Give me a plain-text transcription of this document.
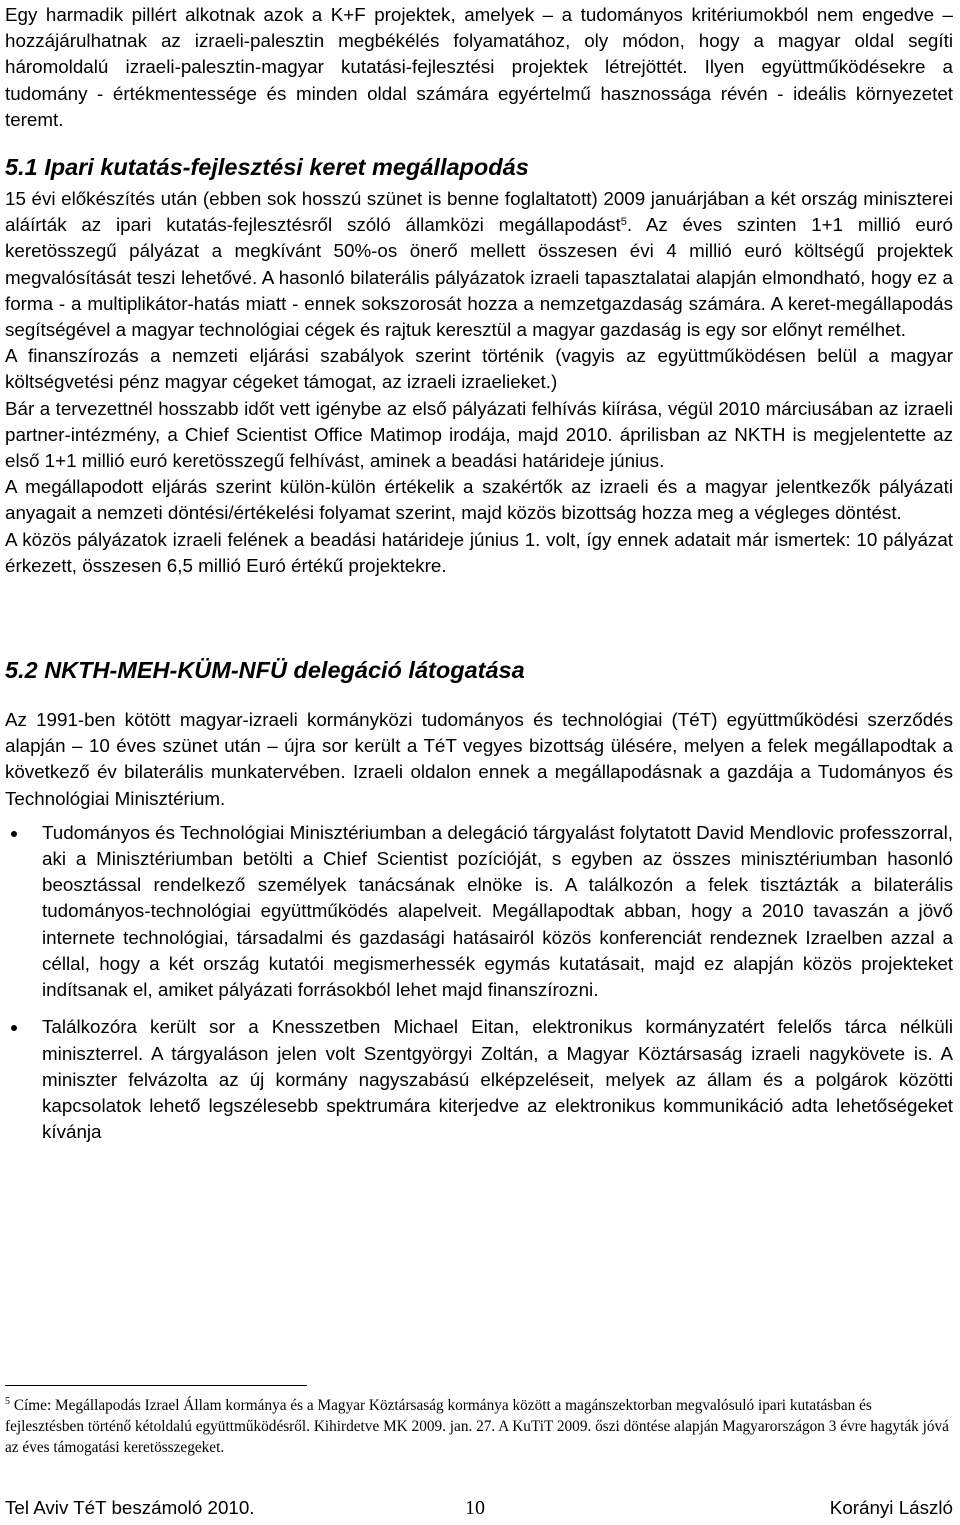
Egy harmadik pillért alkotnak azok a K+F projektek, amelyek – a tudományos kritériumokból nem engedve – hozzájárulhatnak az izraeli-palesztin megbékélés folyamatához, oly módon, hogy a magyar oldal segíti háromoldalú izraeli-palesztin-magyar kutatási-fejlesztési projektek létrejöttét. Ilyen együttműködésekre a tudomány - értékmentessége és minden oldal számára egyértelmű hasznossága révén - ideális környezetet teremt.

5.1 Ipari kutatás-fejlesztési keret megállapodás

15 évi előkészítés után (ebben sok hosszú szünet is benne foglaltatott) 2009 januárjában a két ország miniszterei aláírták az ipari kutatás-fejlesztésről szóló államközi megállapodást$^5$. Az éves szinten 1+1 millió euró keretösszegű pályázat a megkívánt 50%-os önerő mellett összesen évi 4 millió euró költségű projektek megvalósítását teszi lehetővé. A hasonló bilaterális pályázatok izraeli tapasztalatai alapján elmondható, hogy ez a forma - a multiplikátor-hatás miatt - ennek sokszorosát hozza a nemzetgazdaság számára. A keret-megállapodás segítségével a magyar technológiai cégek és rajtuk keresztül a magyar gazdaság is egy sor előnyt remélhet.

A finanszírozás a nemzeti eljárási szabályok szerint történik (vagyis az együttműködésen belül a magyar költségvetési pénz magyar cégeket támogat, az izraeli izraelieket.)

Bár a tervezettnél hosszabb időt vett igénybe az első pályázati felhívás kiírása, végül 2010 márciusában az izraeli partner-intézmény, a Chief Scientist Office Matimop irodája, majd 2010. áprilisban az NKTH is megjelentette az első 1+1 millió euró keretösszegű felhívást, aminek a beadási határideje június.

A megállapodott eljárás szerint külön-külön értékelik a szakértők az izraeli és a magyar jelentkezők pályázati anyagait a nemzeti döntési/értékelési folyamat szerint, majd közös bizottság hozza meg a végleges döntést.

A közös pályázatok izraeli felének a beadási határideje június 1. volt, így ennek adatait már ismertek: 10 pályázat érkezett, összesen 6,5 millió Euró értékű projektekre.

5.2 NKTH-MEH-KÜM-NFÜ delegáció látogatása

Az 1991-ben kötött magyar-izraeli kormányközi tudományos és technológiai (TéT) együttműködési szerződés alapján – 10 éves szünet után – újra sor került a TéT vegyes bizottság ülésére, melyen a felek megállapodtak a következő év bilaterális munkatervében. Izraeli oldalon ennek a megállapodásnak a gazdája a Tudományos és Technológiai Minisztérium.

Tudományos és Technológiai Minisztériumban a delegáció tárgyalást folytatott David Mendlovic professzorral, aki a Minisztériumban betölti a Chief Scientist pozícióját, s egyben az összes minisztériumban hasonló beosztással rendelkező személyek tanácsának elnöke is. A találkozón a felek tisztázták a bilaterális tudományos-technológiai együttműködés alapelveit. Megállapodtak abban, hogy a 2010 tavaszán a jövő internete technológiai, társadalmi és gazdasági hatásairól közös konferenciát rendeznek Izraelben azzal a céllal, hogy a két ország kutatói megismerhessék egymás kutatásait, majd ez alapján közös projekteket indítsanak el, amiket pályázati forrásokból lehet majd finanszírozni.
Találkozóra került sor a Knesszetben Michael Eitan, elektronikus kormányzatért felelős tárca nélküli miniszterrel. A tárgyaláson jelen volt Szentgyörgyi Zoltán, a Magyar Köztársaság izraeli nagykövete is. A miniszter felvázolta az új kormány nagyszabású elképzeléseit, melyek az állam és a polgárok közötti kapcsolatok lehető legszélesebb spektrumára kiterjedve az elektronikus kommunikáció adta lehetőségeket kívánja
$^5$ Címe: Megállapodás Izrael Állam kormánya és a Magyar Köztársaság kormánya között a magánszektorban megvalósuló ipari kutatásban és fejlesztésben történő kétoldalú együttműködésről. Kihirdetve MK 2009. jan. 27. A KuTiT 2009. őszi döntése alapján Magyarországon 3 évre hagyták jóvá az éves támogatási keretösszegeket.
Tel Aviv TéT beszámoló 2010.	10	Korányi László
